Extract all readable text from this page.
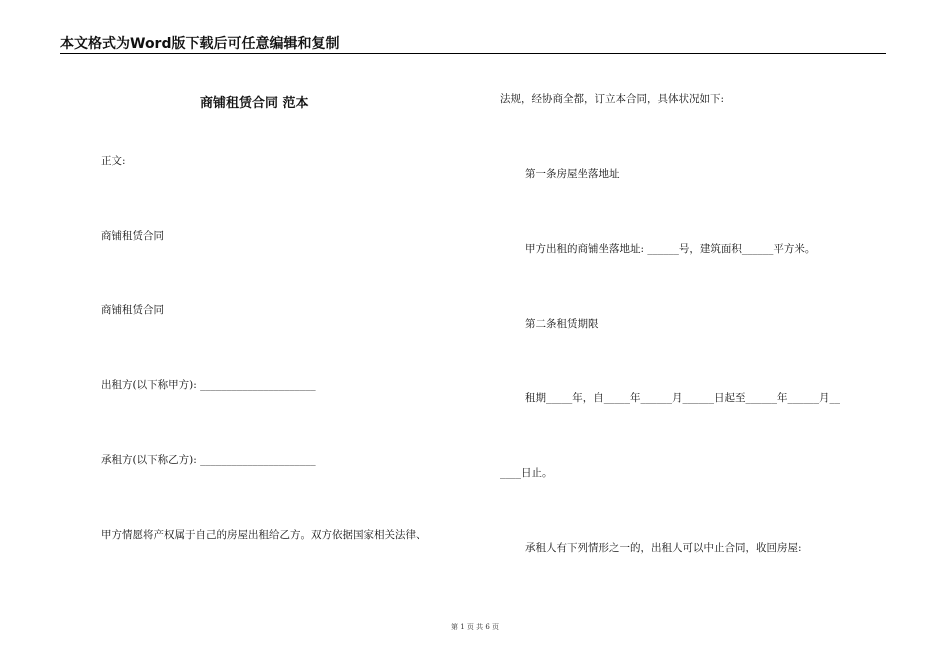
本文格式为Word版下载后可任意编辑和复制
商铺租赁合同 范本
正文:
商铺租赁合同
商铺租赁合同
出租方(以下称甲方): ______________________
承租方(以下称乙方): ______________________
甲方情愿将产权属于自己的房屋出租给乙方。双方依据国家相关法律、
法规，经协商全都，订立本合同，具体状况如下:
第一条房屋坐落地址
甲方出租的商铺坐落地址: ______号，建筑面积______平方米。
第二条租赁期限
租期_____年，自_____年______月______日起至______年______月__
____日止。
承租人有下列情形之一的，出租人可以中止合同，收回房屋:
第 1 页 共 6 页
